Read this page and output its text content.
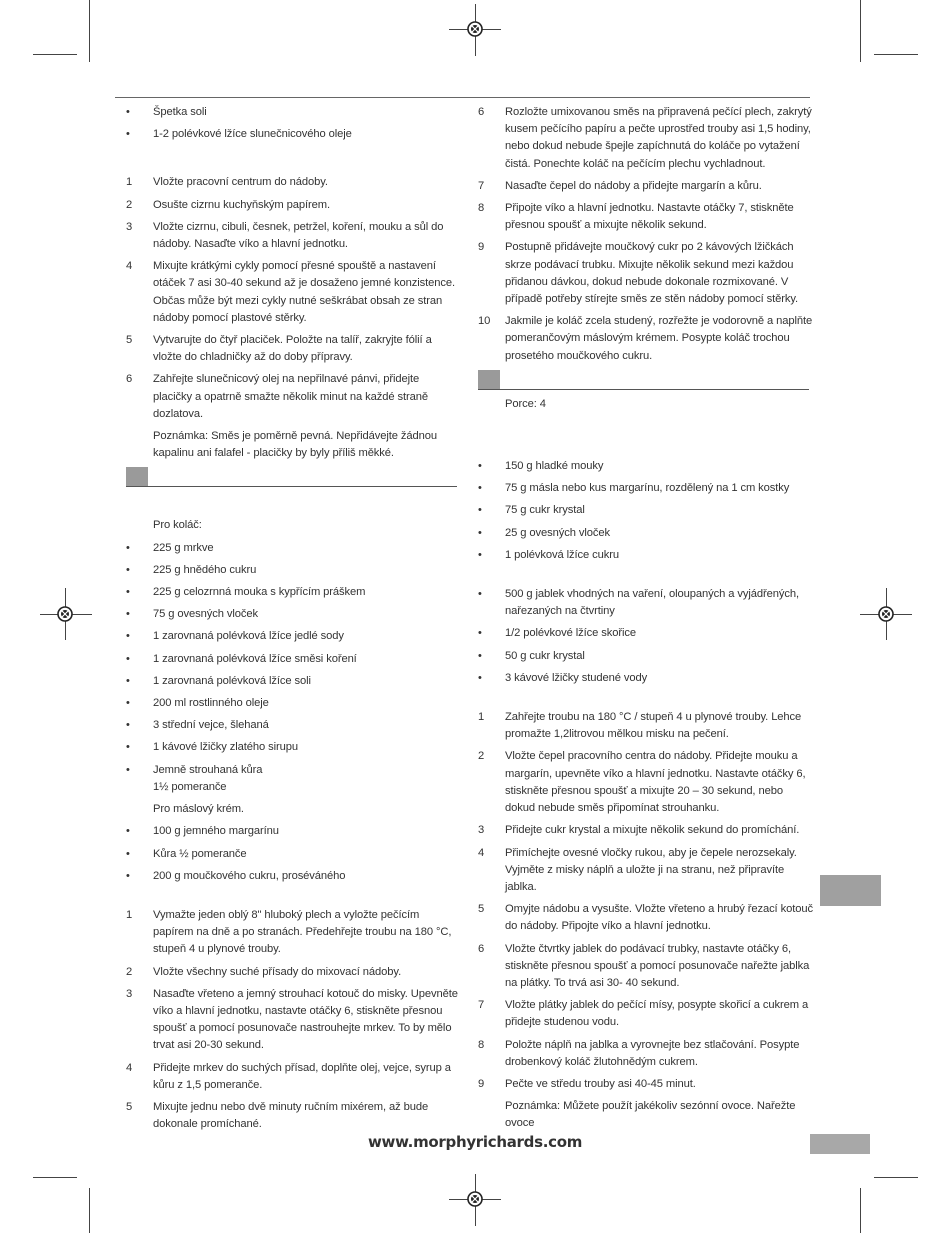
•	Špetka soli
•	1-2 polévkové lžíce slunečnicového oleje
1	Vložte pracovní centrum do nádoby.
2	Osušte cizrnu kuchyňským papírem.
3	Vložte cizrnu, cibuli, česnek, petržel, koření, mouku a sůl do nádoby. Nasaďte víko a hlavní jednotku.
4	Mixujte krátkými cykly pomocí přesné spouště a nastavení otáček 7 asi 30-40 sekund až je dosaženo jemné konzistence. Občas může být mezi cykly nutné seškrábat obsah ze stran nádoby pomocí plastové stěrky.
5	Vytvarujte do čtyř placiček. Položte na talíř, zakryjte fólií a vložte do chladničky až do doby přípravy.
6	Zahřejte slunečnicový olej na nepřilnavé pánvi, přidejte placičky a opatrně smažte několik minut na každé straně dozlatova.
Poznámka: Směs je poměrně pevná. Nepřidávejte žádnou kapalinu ani falafel - placičky by byly příliš měkké.
Pro koláč:
•	225 g mrkve
•	225 g hnědého cukru
•	225 g celozrnná mouka s kypřícím práškem
•	75 g ovesných vloček
•	1 zarovnaná polévková lžíce jedlé sody
•	1 zarovnaná polévková lžíce směsi koření
•	1 zarovnaná polévková lžíce soli
•	200 ml rostlinného oleje
•	3 střední vejce, šlehaná
•	1 kávové lžičky zlatého sirupu
•	Jemně strouhaná kůra
1½ pomeranče
Pro máslový krém.
•	100 g jemného margarínu
•	Kůra ½ pomeranče
•	200 g moučkového cukru, proséváného
1	Vymažte jeden oblý 8" hluboký plech a vyložte pečícím papírem na dně a po stranách. Předehřejte troubu na 180 °C, stupeň 4 u plynové trouby.
2	Vložte všechny suché přísady do mixovací nádoby.
3	Nasaďte vřeteno a jemný strouhací kotouč do misky. Upevněte víko a hlavní jednotku, nastavte otáčky 6, stiskněte přesnou spoušť a pomocí posunovače nastrouhejte mrkev. To by mělo trvat asi 20-30 sekund.
4	Přidejte mrkev do suchých přísad, doplňte olej, vejce, syrup a kůru z 1,5 pomeranče.
5	Mixujte jednu nebo dvě minuty ručním mixérem, až bude dokonale promíchané.
6	Rozložte umixovanou směs na připravená pečící plech, zakrytý kusem pečícího papíru a pečte uprostřed trouby asi 1,5 hodiny, nebo dokud nebude špejle zapíchnutá do koláče po vytažení čistá. Ponechte koláč na pečícím plechu vychladnout.
7	Nasaďte čepel do nádoby a přidejte margarín a kůru.
8	Připojte víko a hlavní jednotku. Nastavte otáčky 7, stiskněte přesnou spoušť a mixujte několik sekund.
9	Postupně přidávejte moučkový cukr po 2 kávových lžičkách skrze podávací trubku. Mixujte několik sekund mezi každou přidanou dávkou, dokud nebude dokonale rozmixované. V případě potřeby stírejte směs ze stěn nádoby pomocí stěrky.
10	Jakmile je koláč zcela studený, rozřežte je vodorovně a naplňte pomerančovým máslovým krémem. Posypte koláč trochou prosetého moučkového cukru.
Porce: 4
•	150 g hladké mouky
•	75 g másla nebo kus margarínu, rozdělený na 1 cm kostky
•	75 g cukr krystal
•	25 g ovesných vloček
•	1 polévková lžíce cukru
•	500 g jablek vhodných na vaření, oloupaných a vyjádřených, nařezaných na čtvrtiny
•	1/2 polévkové lžíce skořice
•	50 g cukr krystal
•	3 kávové lžičky studené vody
1	Zahřejte troubu na 180 °C / stupeň 4 u plynové trouby. Lehce promažte 1,2litrovou mělkou misku na pečení.
2	Vložte čepel pracovního centra do nádoby. Přidejte mouku a margarín, upevněte víko a hlavní jednotku. Nastavte otáčky 6, stiskněte přesnou spoušť a mixujte 20 – 30 sekund, nebo dokud nebude směs připomínat strouhanku.
3	Přidejte cukr krystal a mixujte několik sekund do promíchání.
4	Přimíchejte ovesné vločky rukou, aby je čepele nerozsekaly. Vyjměte z misky náplň a uložte ji na stranu, než připravíte jablka.
5	Omyjte nádobu a vysušte. Vložte vřeteno a hrubý řezací kotouč do nádoby. Připojte víko a hlavní jednotku.
6	Vložte čtvrtky jablek do podávací trubky, nastavte otáčky 6, stiskněte přesnou spoušť a pomocí posunovače nařežte jablka na plátky. To trvá asi 30- 40 sekund.
7	Vložte plátky jablek do pečící mísy, posypte skořicí a cukrem a přidejte studenou vodu.
8	Položte náplň na jablka a vyrovnejte bez stlačování. Posypte drobenkový koláč žlutohnědým cukrem.
9	Pečte ve středu trouby asi 40-45 minut.
Poznámka: Můžete použít jakékoliv sezónní ovoce. Nařežte ovoce
www.morphyrichards.com
